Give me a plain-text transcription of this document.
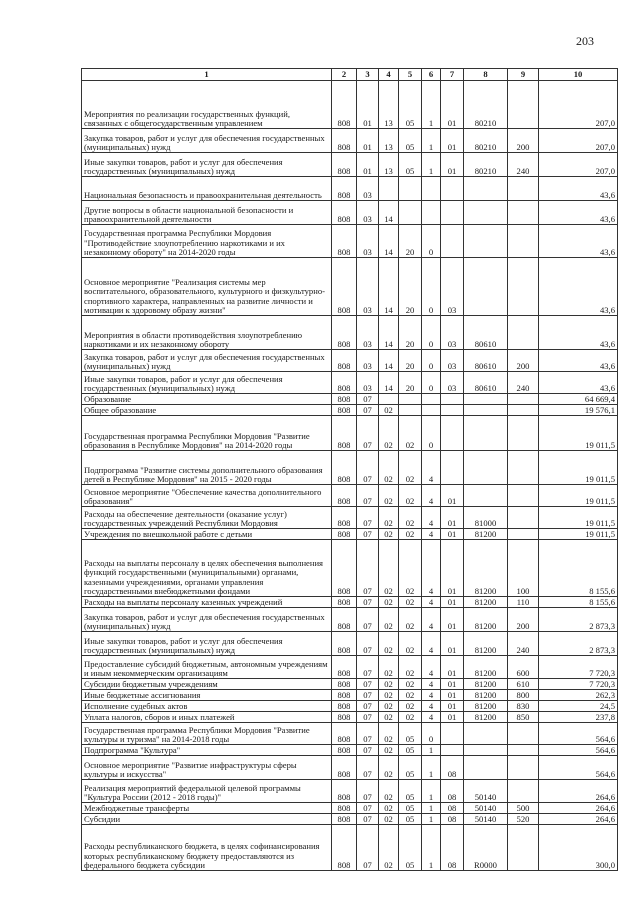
203
1	2	3	4	5	6	7	8	9	10
Мероприятия по реализации государственных функций, связанных с общегосударственным управлением	808	01	13	05	1	01	80210		207,0
Закупка товаров, работ и услуг для обеспечения государственных (муниципальных) нужд	808	01	13	05	1	01	80210	200	207,0
Иные закупки товаров, работ и услуг для обеспечения государственных (муниципальных) нужд	808	01	13	05	1	01	80210	240	207,0
Национальная безопасность и правоохранительная деятельность	808	03							43,6
Другие вопросы в области национальной безопасности и правоохранительной деятельности	808	03	14						43,6
Государственная программа Республики Мордовия "Противодействие злоупотреблению наркотиками и их незаконному обороту" на 2014-2020 годы	808	03	14	20	0				43,6
Основное мероприятие "Реализация системы мер воспитательного, образовательного, культурного и физкультурно-спортивного характера, направленных на развитие личности и мотивации к здоровому образу жизни"	808	03	14	20	0	03			43,6
Мероприятия в области противодействия злоупотреблению наркотиками и их незаконному обороту	808	03	14	20	0	03	80610		43,6
Закупка товаров, работ и услуг для обеспечения государственных (муниципальных) нужд	808	03	14	20	0	03	80610	200	43,6
Иные закупки товаров, работ и услуг для обеспечения государственных (муниципальных) нужд	808	03	14	20	0	03	80610	240	43,6
Образование	808	07							64 669,4
Общее образование	808	07	02						19 576,1
Государственная программа Республики Мордовия "Развитие образования в Республике Мордовия" на 2014-2020 годы	808	07	02	02	0				19 011,5
Подпрограмма "Развитие системы дополнительного образования детей в Республике Мордовия" на 2015 - 2020 годы	808	07	02	02	4				19 011,5
Основное мероприятие "Обеспечение качества дополнительного образования"	808	07	02	02	4	01			19 011,5
Расходы на обеспечение деятельности (оказание услуг) государственных учреждений Республики Мордовия	808	07	02	02	4	01	81000		19 011,5
Учреждения по внешкольной работе с детьми	808	07	02	02	4	01	81200		19 011,5
Расходы на выплаты персоналу в целях обеспечения выполнения функций государственными (муниципальными) органами, казенными учреждениями, органами управления государственными внебюджетными фондами	808	07	02	02	4	01	81200	100	8 155,6
Расходы на выплаты персоналу казенных учреждений	808	07	02	02	4	01	81200	110	8 155,6
Закупка товаров, работ и услуг для обеспечения государственных (муниципальных) нужд	808	07	02	02	4	01	81200	200	2 873,3
Иные закупки товаров, работ и услуг для обеспечения государственных (муниципальных) нужд	808	07	02	02	4	01	81200	240	2 873,3
Предоставление субсидий бюджетным, автономным учреждениям и иным некоммерческим организациям	808	07	02	02	4	01	81200	600	7 720,3
Субсидии бюджетным учреждениям	808	07	02	02	4	01	81200	610	7 720,3
Иные бюджетные ассигнования	808	07	02	02	4	01	81200	800	262,3
Исполнение судебных актов	808	07	02	02	4	01	81200	830	24,5
Уплата налогов, сборов и иных платежей	808	07	02	02	4	01	81200	850	237,8
Государственная программа Республики Мордовия "Развитие культуры и туризма" на 2014-2018 годы	808	07	02	05	0				564,6
Подпрограмма "Культура"	808	07	02	05	1				564,6
Основное мероприятие "Развитие инфраструктуры сферы культуры и искусства"	808	07	02	05	1	08			564,6
Реализация мероприятий федеральной целевой программы "Культура России (2012 - 2018 годы)"	808	07	02	05	1	08	50140		264,6
Межбюджетные трансферты	808	07	02	05	1	08	50140	500	264,6
Субсидии	808	07	02	05	1	08	50140	520	264,6
Расходы республиканского бюджета, в целях софинансирования которых республиканскому бюджету предоставляются из федерального бюджета субсидии	808	07	02	05	1	08	R0000		300,0
